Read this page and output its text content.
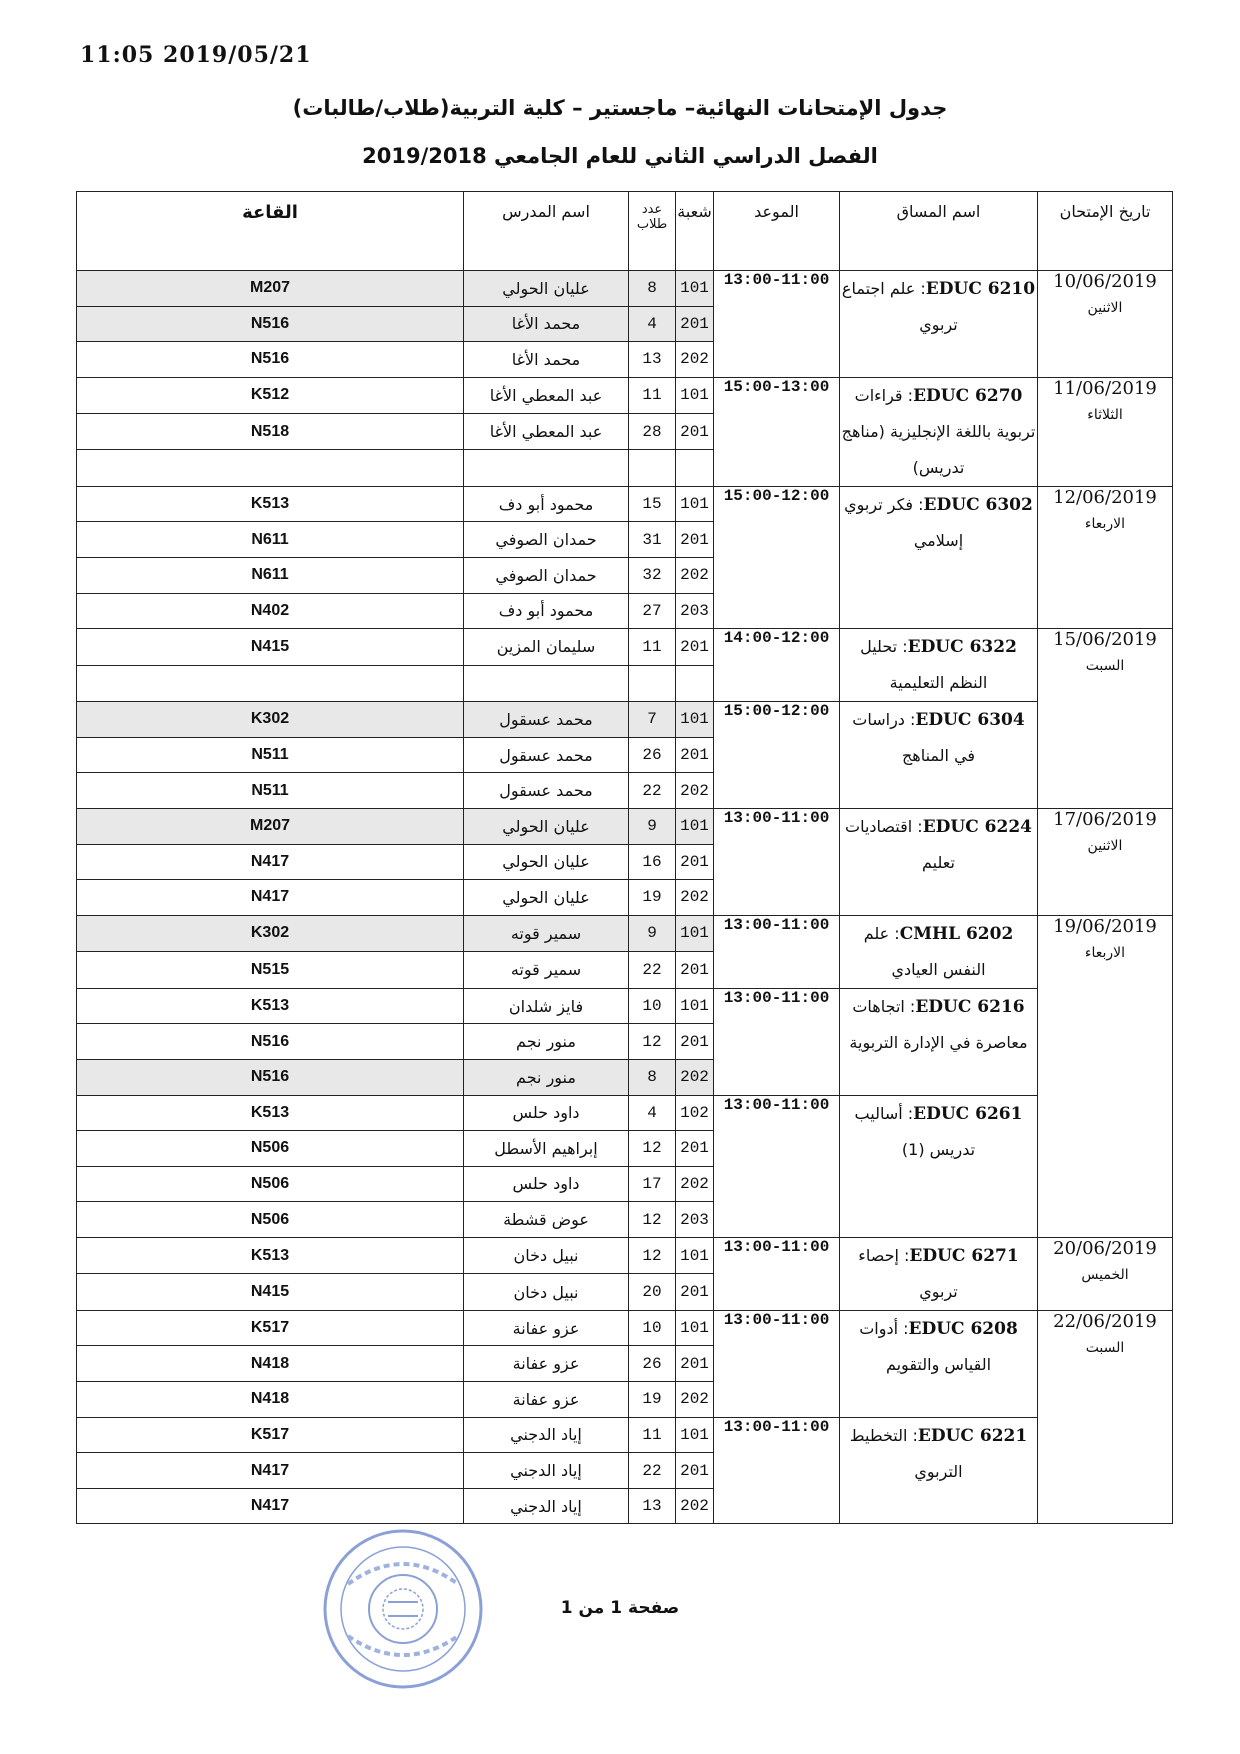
11:05 2019/05/21
جدول الإمتحانات النهائية– ماجستير – كلية التربية(طلاب/طالبات)
الفصل الدراسي الثاني للعام الجامعي 2019/2018
تاريخ الإمتحان	اسم المساق	الموعد	شعبة	عدد طلاب	اسم المدرس	القاعة

10/06/2019
الاثنين	EDUC 6210: علم اجتماع تربوي	13:00-11:00	101	8	عليان الحولي	M207
			201	4	محمد الأغا	N516
			202	13	محمد الأغا	N516

11/06/2019
الثلاثاء	EDUC 6270: قراءات تربوية باللغة الإنجليزية (مناهج تدريس)	15:00-13:00	101	11	عبد المعطي الأغا	K512
			201	28	عبد المعطي الأغا	N518

12/06/2019
الاربعاء	EDUC 6302: فكر تربوي إسلامي	15:00-12:00	101	15	محمود أبو دف	K513
			201	31	حمدان الصوفي	N611
			202	32	حمدان الصوفي	N611
			203	27	محمود أبو دف	N402

15/06/2019
السبت	EDUC 6322: تحليل النظم التعليمية	14:00-12:00	201	11	سليمان المزين	N415

	EDUC 6304: دراسات في المناهج	15:00-12:00	101	7	محمد عسقول	K302
			201	26	محمد عسقول	N511
			202	22	محمد عسقول	N511

17/06/2019
الاثنين	EDUC 6224: اقتصاديات تعليم	13:00-11:00	101	9	عليان الحولي	M207
			201	16	عليان الحولي	N417
			202	19	عليان الحولي	N417

19/06/2019
الاربعاء	CMHL 6202: علم النفس العيادي	13:00-11:00	101	9	سمير قوته	K302
			201	22	سمير قوته	N515
	EDUC 6216: اتجاهات معاصرة في الإدارة التربوية	13:00-11:00	101	10	فايز شلدان	K513
			201	12	منور نجم	N516
			202	8	منور نجم	N516
	EDUC 6261: أساليب تدريس (1)	13:00-11:00	102	4	داود حلس	K513
			201	12	إبراهيم الأسطل	N506
			202	17	داود حلس	N506
			203	12	عوض قشطة	N506

20/06/2019
الخميس	EDUC 6271: إحصاء تربوي	13:00-11:00	101	12	نبيل دخان	K513
			201	20	نبيل دخان	N415

22/06/2019
السبت	EDUC 6208: أدوات القياس والتقويم	13:00-11:00	101	10	عزو عفانة	K517
			201	26	عزو عفانة	N418
			202	19	عزو عفانة	N418
	EDUC 6221: التخطيط التربوي	13:00-11:00	101	11	إياد الدجني	K517
			201	22	إياد الدجني	N417
			202	13	إياد الدجني	N417
صفحة 1 من 1
